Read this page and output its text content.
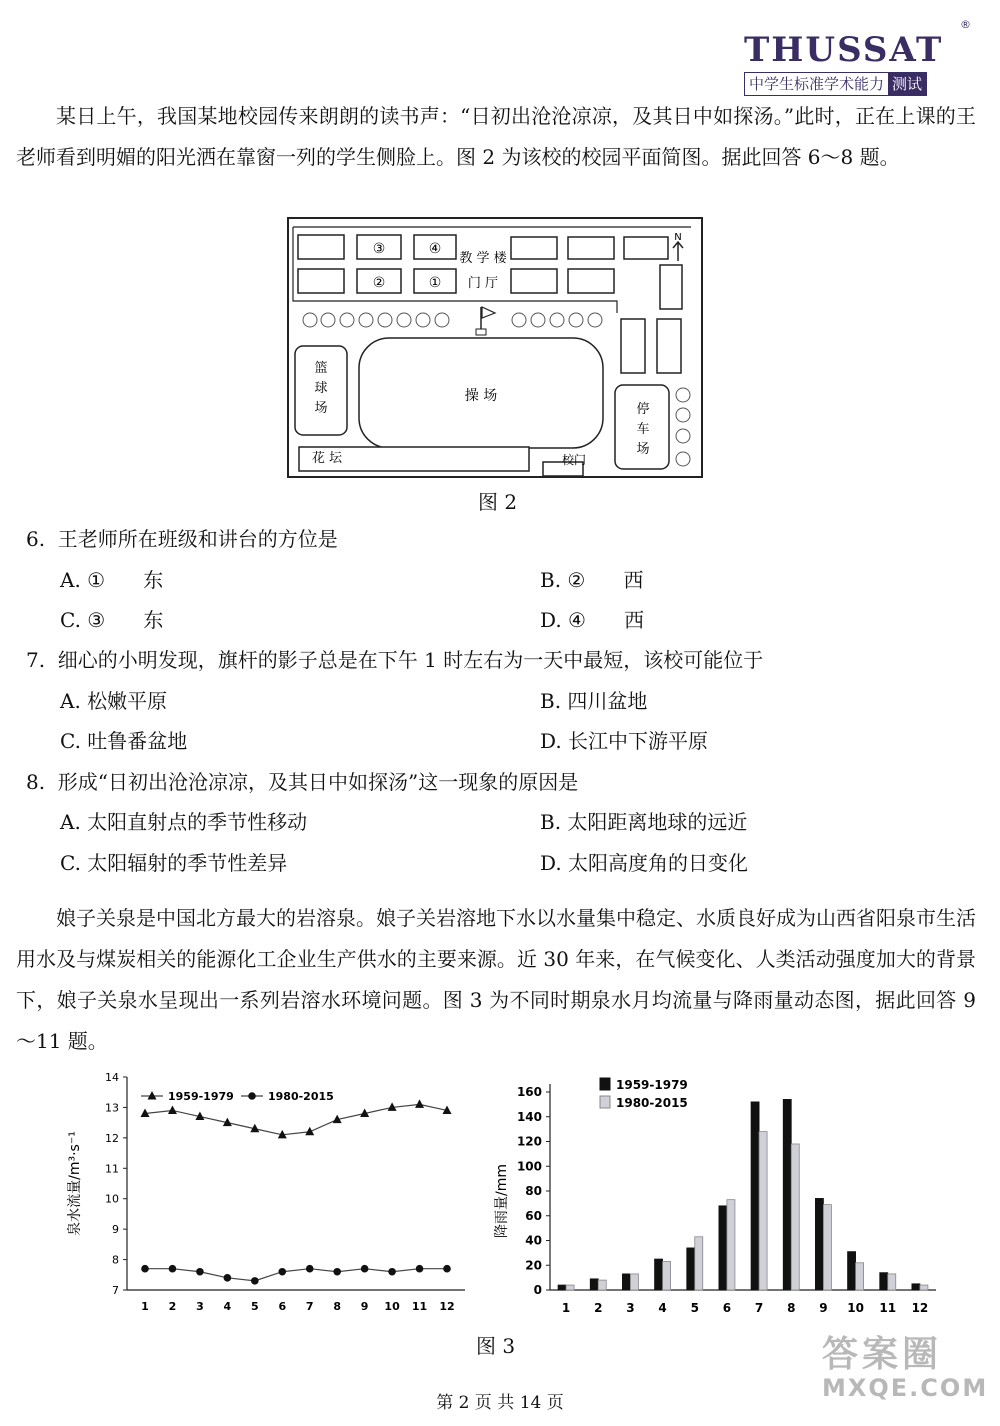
THUSSAT
®
中学生标准学术能力 测试
某日上午，我国某地校园传来朗朗的读书声：“日初出沧沧凉凉，及其日中如探汤。”此时，正在上课的王老师看到明媚的阳光洒在靠窗一列的学生侧脸上。图 2 为该校的校园平面简图。据此回答 6～8 题。
N
③	④
②	①
教 学 楼
门 厅
篮
球
场
操 场
花 坛	校门
停
车
场
图 2
6.  王老师所在班级和讲台的方位是
A. ①      东	B. ②      西
C. ③      东	D. ④      西
7.  细心的小明发现，旗杆的影子总是在下午 1 时左右为一天中最短，该校可能位于
A. 松嫩平原	B. 四川盆地
C. 吐鲁番盆地	D. 长江中下游平原
8.  形成“日初出沧沧凉凉，及其日中如探汤”这一现象的原因是
A. 太阳直射点的季节性移动	B. 太阳距离地球的远近
C. 太阳辐射的季节性差异	D. 太阳高度角的日变化
娘子关泉是中国北方最大的岩溶泉。娘子关岩溶地下水以水量集中稳定、水质良好成为山西省阳泉市生活用水及与煤炭相关的能源化工企业生产供水的主要来源。近 30 年来，在气候变化、人类活动强度加大的背景下，娘子关泉水呈现出一系列岩溶水环境问题。图 3 为不同时期泉水月均流量与降雨量动态图，据此回答 9～11 题。
7
8
9
10
11
12
13
14
1 2 3 4 5 6 7 8 9 10 11 12
泉水流量/m³·s⁻¹
1959-1979	1980-2015
0
20
40
60
80
100
120
140
160
1 2 3 4 5 6 7 8 9 10 11 12
降雨量/mm
1959-1979
1980-2015
图 3
第 2 页 共 14 页
答案圈
MXQE.COM
